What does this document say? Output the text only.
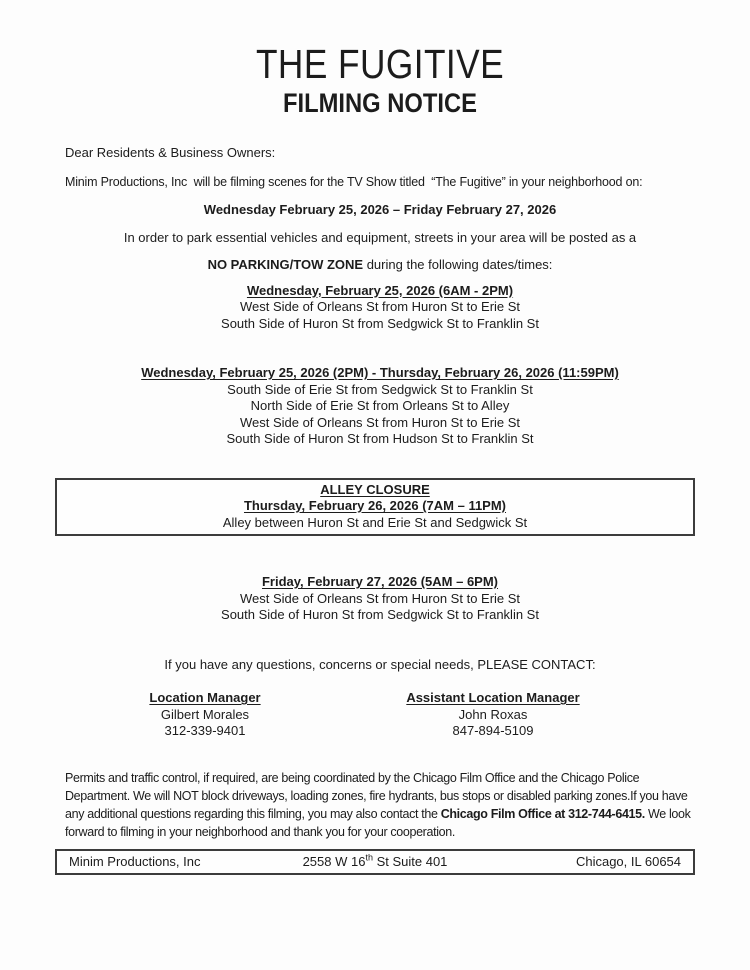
THE FUGITIVE
FILMING NOTICE

Dear Residents & Business Owners:

Minim Productions, Inc  will be filming scenes for the TV Show titled  “The Fugitive” in your neighborhood on:

Wednesday February 25, 2026 – Friday February 27, 2026

In order to park essential vehicles and equipment, streets in your area will be posted as a

NO PARKING/TOW ZONE during the following dates/times:

Wednesday, February 25, 2026 (6AM - 2PM)
West Side of Orleans St from Huron St to Erie St
South Side of Huron St from Sedgwick St to Franklin St
Wednesday, February 25, 2026 (2PM) - Thursday, February 26, 2026 (11:59PM)
South Side of Erie St from Sedgwick St to Franklin St
North Side of Erie St from Orleans St to Alley
West Side of Orleans St from Huron St to Erie St
South Side of Huron St from Hudson St to Franklin St
ALLEY CLOSURE
Thursday, February 26, 2026 (7AM – 11PM)
Alley between Huron St and Erie St and Sedgwick St
Friday, February 27, 2026 (5AM – 6PM)
West Side of Orleans St from Huron St to Erie St
South Side of Huron St from Sedgwick St to Franklin St

If you have any questions, concerns or special needs, PLEASE CONTACT:

Location Manager
Gilbert Morales
312-339-9401
Assistant Location Manager
John Roxas
847-894-5109

Permits and traffic control, if required, are being coordinated by the Chicago Film Office and the Chicago Police Department. We will NOT block driveways, loading zones, fire hydrants, bus stops or disabled parking zones.If you have any additional questions regarding this filming, you may also contact the Chicago Film Office at 312-744-6415. We look forward to filming in your neighborhood and thank you for your cooperation.

Minim Productions, Inc	2558 W 16th St Suite 401	Chicago, IL 60654
